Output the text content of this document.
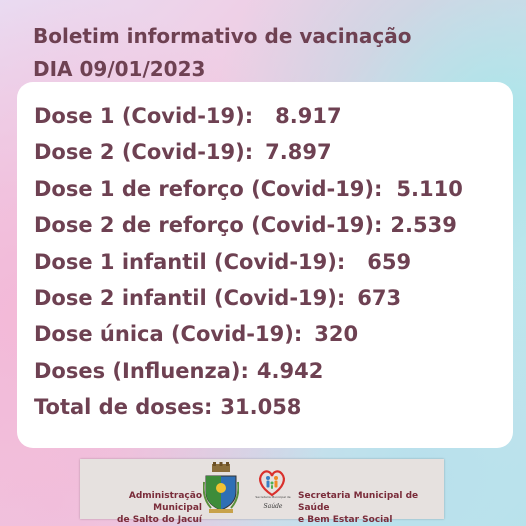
Boletim informativo de vacinação
DIA 09/01/2023
Dose 1 (Covid-19): 8.917
Dose 2 (Covid-19): 7.897
Dose 1 de reforço (Covid-19): 5.110
Dose 2 de reforço (Covid-19): 2.539
Dose 1 infantil (Covid-19): 659
Dose 2 infantil (Covid-19): 673
Dose única (Covid-19): 320
Doses (Influenza): 4.942
Total de doses: 31.058
Administração Municipal
de Salto do Jacuí
Secretaria Municipal de
Saúde
Secretaria Municipal de Saúde
e Bem Estar Social
